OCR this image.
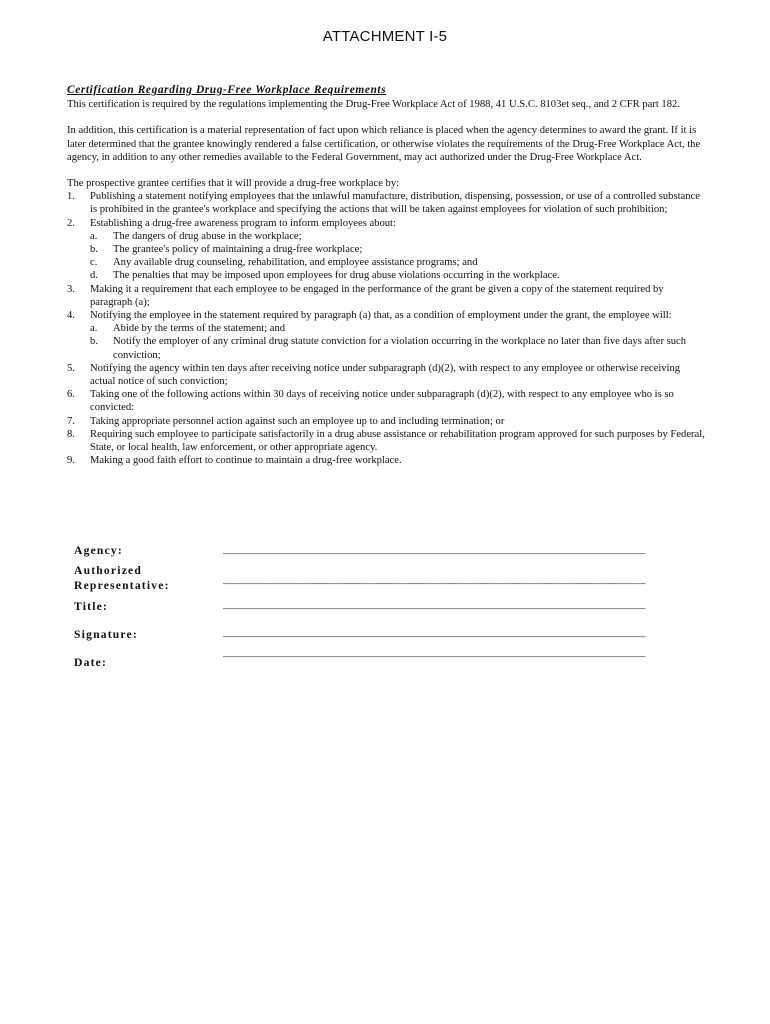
ATTACHMENT I-5

Certification Regarding Drug-Free Workplace Requirements

This certification is required by the regulations implementing the Drug-Free Workplace Act of 1988, 41 U.S.C. 8103et seq., and 2 CFR part 182.

In addition, this certification is a material representation of fact upon which reliance is placed when the agency determines to award the grant. If it is later determined that the grantee knowingly rendered a false certification, or otherwise violates the requirements of the Drug-Free Workplace Act, the agency, in addition to any other remedies available to the Federal Government, may act authorized under the Drug-Free Workplace Act.

The prospective grantee certifies that it will provide a drug-free workplace by:

1.	Publishing a statement notifying employees that the unlawful manufacture, distribution, dispensing, possession, or use of a controlled substance is prohibited in the grantee's workplace and specifying the actions that will be taken against employees for violation of such prohibition;
2.	Establishing a drug-free awareness program to inform employees about:
a.	The dangers of drug abuse in the workplace;
b.	The grantee's policy of maintaining a drug-free workplace;
c.	Any available drug counseling, rehabilitation, and employee assistance programs; and
d.	The penalties that may be imposed upon employees for drug abuse violations occurring in the workplace.
3.	Making it a requirement that each employee to be engaged in the performance of the grant be given a copy of the statement required by paragraph (a);
4.	Notifying the employee in the statement required by paragraph (a) that, as a condition of employment under the grant, the employee will:
a.	Abide by the terms of the statement; and
b.	Notify the employer of any criminal drug statute conviction for a violation occurring in the workplace no later than five days after such conviction;
5.	Notifying the agency within ten days after receiving notice under subparagraph (d)(2), with respect to any employee or otherwise receiving actual notice of such conviction;
6.	Taking one of the following actions within 30 days of receiving notice under subparagraph (d)(2), with respect to any employee who is so convicted:
7.	Taking appropriate personnel action against such an employee up to and including termination; or
8.	Requiring such employee to participate satisfactorily in a drug abuse assistance or rehabilitation program approved for such purposes by Federal, State, or local health, law enforcement, or other appropriate agency.
9.	Making a good faith effort to continue to maintain a drug-free workplace.
Agency:	________________________________________________________________
Authorized
Representative:	________________________________________________________________
Title:	________________________________________________________________
Signature:	________________________________________________________________
Date:
________________________________________________________________
